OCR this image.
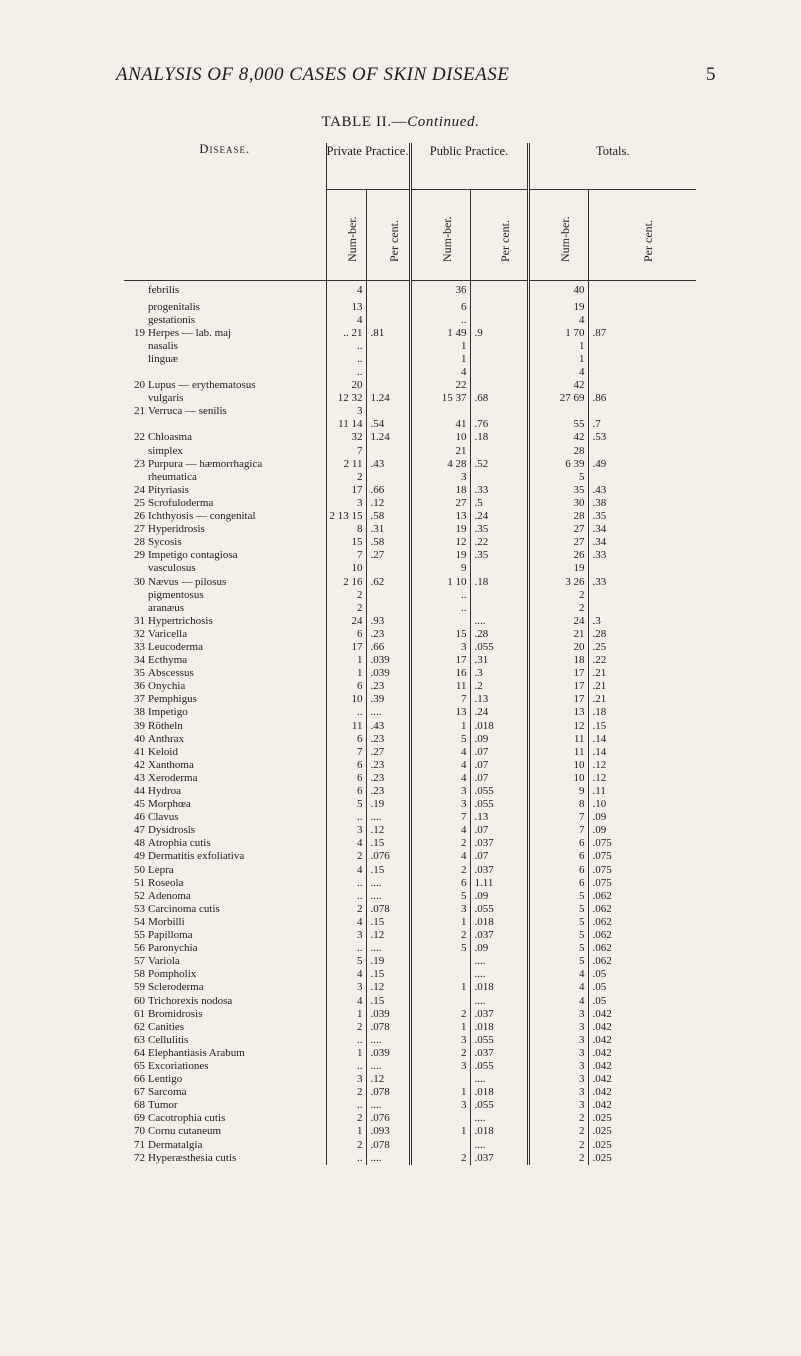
ANALYSIS OF 8,000 CASES OF SKIN DISEASE	5
TABLE II.—Continued.
Disease.		Private Practice.		Public Practice.		Totals.	

		Num-ber.	Per cent.	Num-ber.	Per cent.	Num-ber.	Per cent.

	febrilis	4		36		40	
	progenitalis	13		6		19	
	gestationis	4		..		4	
19	Herpes — lab. maj	.. 21	.81	1 49	.9	1 70	.87
	nasalis	..		1		1	
	linguæ	..		1		1	
		..		4		4	
20	Lupus — erythematosus	20		22		42	
	vulgaris	12 32	1.24	15 37	.68	27 69	.86
21	Verruca — senilis	3					
		11 14	.54	41	.76	55	.7
22	Chloasma	32	1.24	10	.18	42	.53
	simplex	7		21		28	
23	Purpura — hæmorrhagica	2 11	.43	4 28	.52	6 39	.49
	rheumatica	2		3		5	
24	Pityriasis	17	.66	18	.33	35	.43
25	Scrofuloderma	3	.12	27	.5	30	.38
26	Ichthyosis — congenital	2 13 15	.58	13	.24	28	.35
27	Hyperidrosis	8	.31	19	.35	27	.34
28	Sycosis	15	.58	12	.22	27	.34
29	Impetigo contagiosa	7	.27	19	.35	26	.33
	vasculosus	10		9		19	
30	Nævus — pilosus	2 16	.62	1 10	.18	3 26	.33
	pigmentosus	2		..		2	
	aranæus	2		..		2	
31	Hypertrichosis	24	.93		....	24	.3
32	Varicella	6	.23	15	.28	21	.28
33	Leucoderma	17	.66	3	.055	20	.25
34	Ecthyma	1	.039	17	.31	18	.22
35	Abscessus	1	.039	16	.3	17	.21
36	Onychia	6	.23	11	.2	17	.21
37	Pemphigus	10	.39	7	.13	17	.21
38	Impetigo	..	....	13	.24	13	.18
39	Rötheln	11	.43	1	.018	12	.15
40	Anthrax	6	.23	5	.09	11	.14
41	Keloid	7	.27	4	.07	11	.14
42	Xanthoma	6	.23	4	.07	10	.12
43	Xeroderma	6	.23	4	.07	10	.12
44	Hydroa	6	.23	3	.055	9	.11
45	Morphœa	5	.19	3	.055	8	.10
46	Clavus	..	....	7	.13	7	.09
47	Dysidrosis	3	.12	4	.07	7	.09
48	Atrophia cutis	4	.15	2	.037	6	.075
49	Dermatitis exfoliativa	2	.076	4	.07	6	.075
50	Lepra	4	.15	2	.037	6	.075
51	Roseola	..	....	6	1.11	6	.075
52	Adenoma	..	....	5	.09	5	.062
53	Carcinoma cutis	2	.078	3	.055	5	.062
54	Morbilli	4	.15	1	.018	5	.062
55	Papilloma	3	.12	2	.037	5	.062
56	Paronychia	..	....	5	.09	5	.062
57	Variola	5	.19		....	5	.062
58	Pompholix	4	.15		....	4	.05
59	Scleroderma	3	.12	1	.018	4	.05
60	Trichorexis nodosa	4	.15		....	4	.05
61	Bromidrosis	1	.039	2	.037	3	.042
62	Canities	2	.078	1	.018	3	.042
63	Cellulitis	..	....	3	.055	3	.042
64	Elephantiasis Arabum	1	.039	2	.037	3	.042
65	Excoriationes	..	....	3	.055	3	.042
66	Lentigo	3	.12		....	3	.042
67	Sarcoma	2	.078	1	.018	3	.042
68	Tumor	..	....	3	.055	3	.042
69	Cacotrophia cutis	2	.076		....	2	.025
70	Cornu cutaneum	1	.093	1	.018	2	.025
71	Dermatalgia	2	.078		....	2	.025
72	Hyperæsthesia cutis	..	....	2	.037	2	.025
